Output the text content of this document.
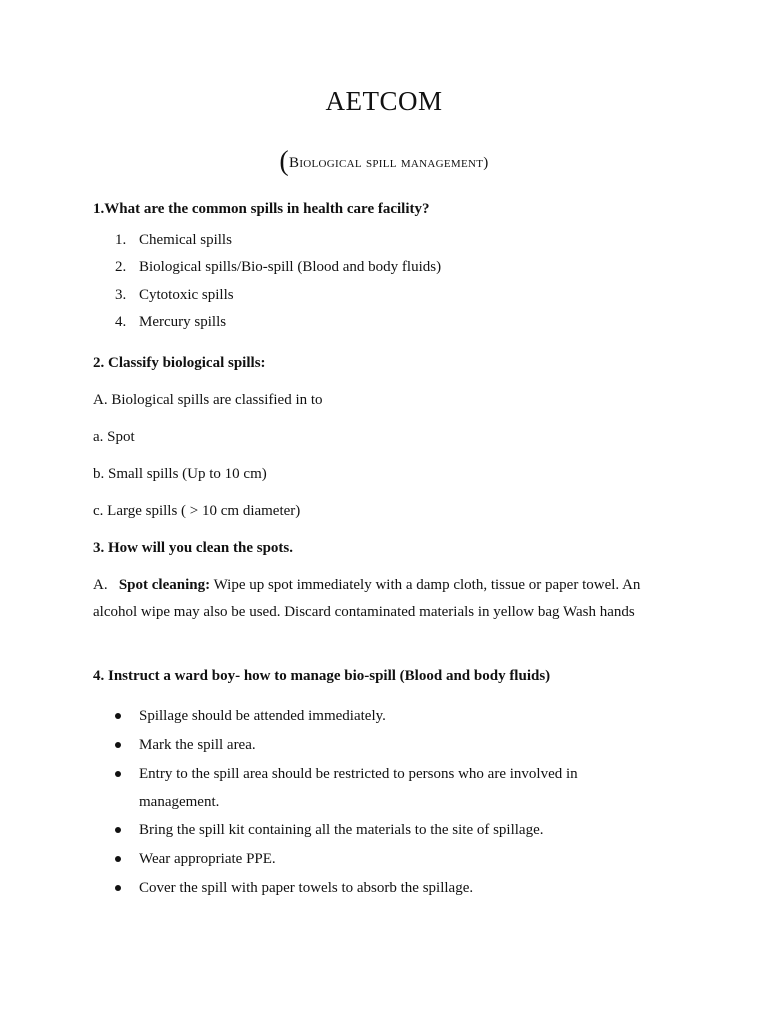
AETCOM
(Biological spill management)
1.What are the common spills in health care facility?
1. Chemical spills
2. Biological spills/Bio-spill (Blood and body fluids)
3. Cytotoxic spills
4. Mercury spills
2. Classify biological spills:
A. Biological spills are classified in to
a. Spot
b. Small spills (Up to 10 cm)
c. Large spills ( > 10 cm diameter)
3. How will you clean the spots.
A. Spot cleaning: Wipe up spot immediately with a damp cloth, tissue or paper towel. An alcohol wipe may also be used. Discard contaminated materials in yellow bag Wash hands
4. Instruct a ward boy- how to manage bio-spill (Blood and body fluids)
Spillage should be attended immediately.
Mark the spill area.
Entry to the spill area should be restricted to persons who are involved in management.
Bring the spill kit containing all the materials to the site of spillage.
Wear appropriate PPE.
Cover the spill with paper towels to absorb the spillage.
